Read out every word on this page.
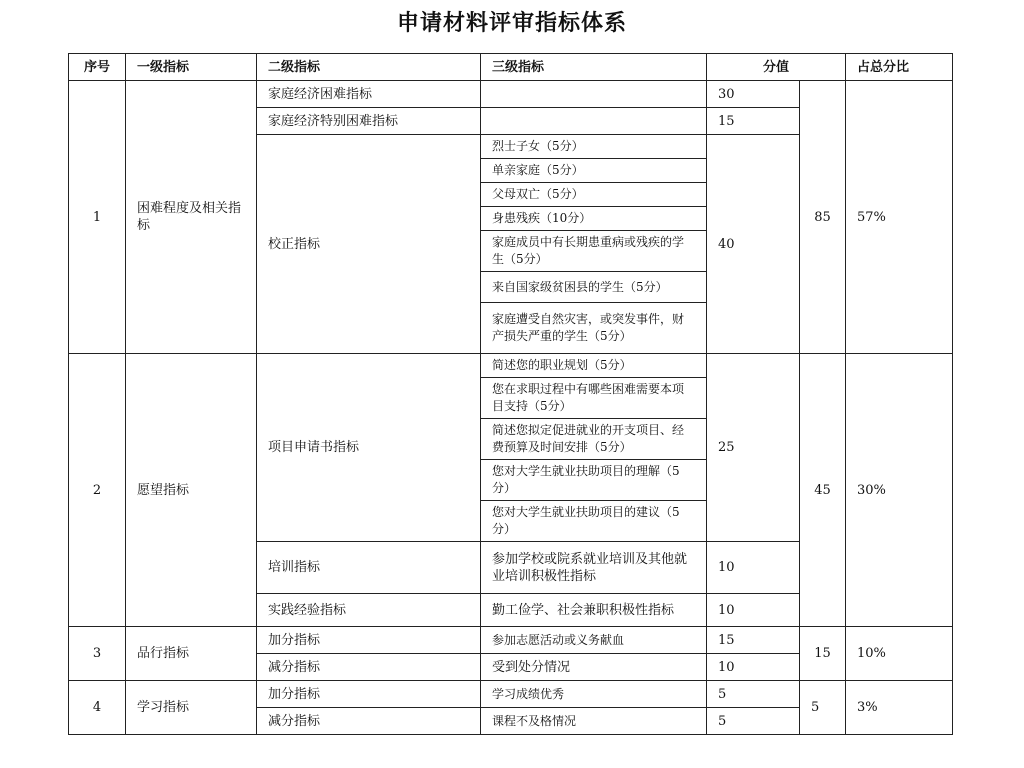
申请材料评审指标体系
序号	一级指标	二级指标	三级指标	分值		占总分比
1	困难程度及相关指标	家庭经济困难指标		30	85	57%
		家庭经济特别困难指标		15		
		校正指标	烈士子女（5分）	40		
			单亲家庭（5分）			
			父母双亡（5分）			
			身患残疾（10分）			
			家庭成员中有长期患重病或残疾的学生（5分）			
			来自国家级贫困县的学生（5分）			
			家庭遭受自然灾害，或突发事件，财产损失严重的学生（5分）			
2	愿望指标	项目申请书指标	简述您的职业规划（5分）	25	45	30%
			您在求职过程中有哪些困难需要本项目支持（5分）			
			简述您拟定促进就业的开支项目、经费预算及时间安排（5分）			
			您对大学生就业扶助项目的理解（5分）			
			您对大学生就业扶助项目的建议（5分）			
		培训指标	参加学校或院系就业培训及其他就业培训积极性指标	10		
		实践经验指标	勤工俭学、社会兼职积极性指标	10		
3	品行指标	加分指标	参加志愿活动或义务献血	15	15	10%
		减分指标	受到处分情况	10		
4	学习指标	加分指标	学习成绩优秀	5	5	3%
		减分指标	课程不及格情况	5		
